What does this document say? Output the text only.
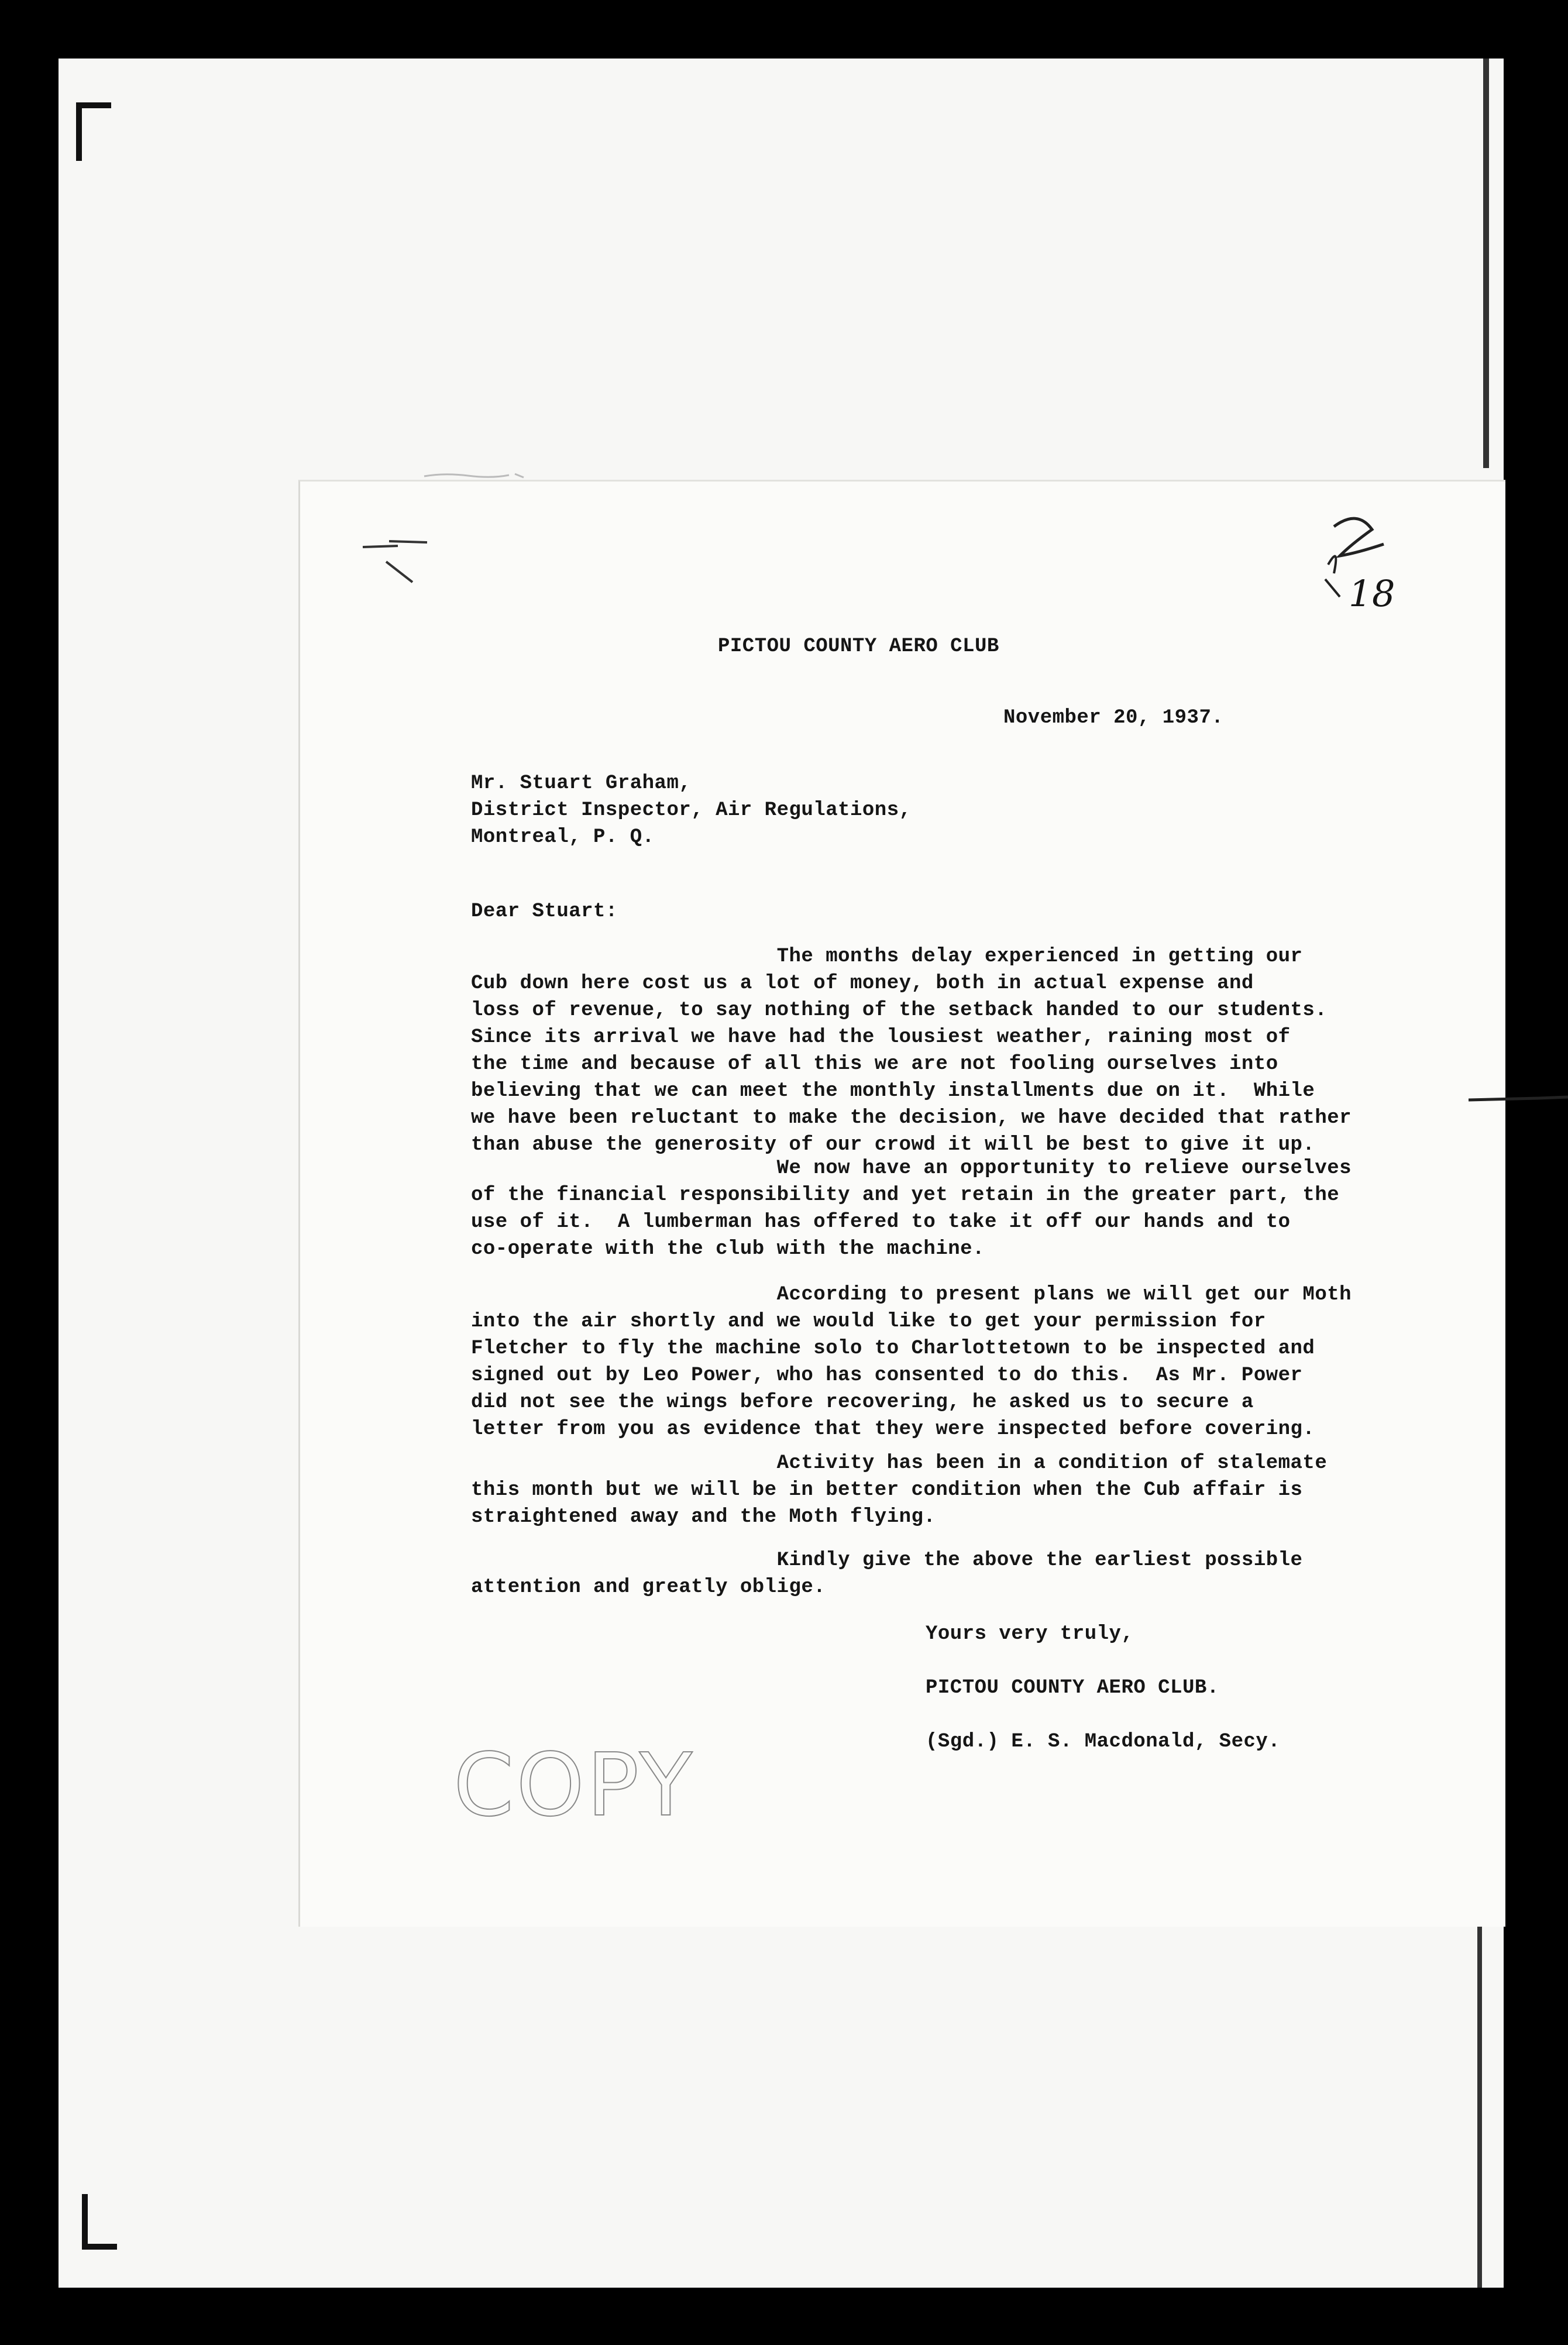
18
PICTOU COUNTY AERO CLUB
November 20, 1937.
Mr. Stuart Graham,
District Inspector, Air Regulations,
Montreal, P. Q.
Dear Stuart:
The months delay experienced in getting our
Cub down here cost us a lot of money, both in actual expense and
loss of revenue, to say nothing of the setback handed to our students.
Since its arrival we have had the lousiest weather, raining most of
the time and because of all this we are not fooling ourselves into
believing that we can meet the monthly installments due on it.  While
we have been reluctant to make the decision, we have decided that rather
than abuse the generosity of our crowd it will be best to give it up.
We now have an opportunity to relieve ourselves
of the financial responsibility and yet retain in the greater part, the
use of it.  A lumberman has offered to take it off our hands and to
co-operate with the club with the machine.
According to present plans we will get our Moth
into the air shortly and we would like to get your permission for
Fletcher to fly the machine solo to Charlottetown to be inspected and
signed out by Leo Power, who has consented to do this.  As Mr. Power
did not see the wings before recovering, he asked us to secure a
letter from you as evidence that they were inspected before covering.
Activity has been in a condition of stalemate
this month but we will be in better condition when the Cub affair is
straightened away and the Moth flying.
Kindly give the above the earliest possible
attention and greatly oblige.
Yours very truly,

PICTOU COUNTY AERO CLUB.

(Sgd.) E. S. Macdonald, Secy.
COPY
